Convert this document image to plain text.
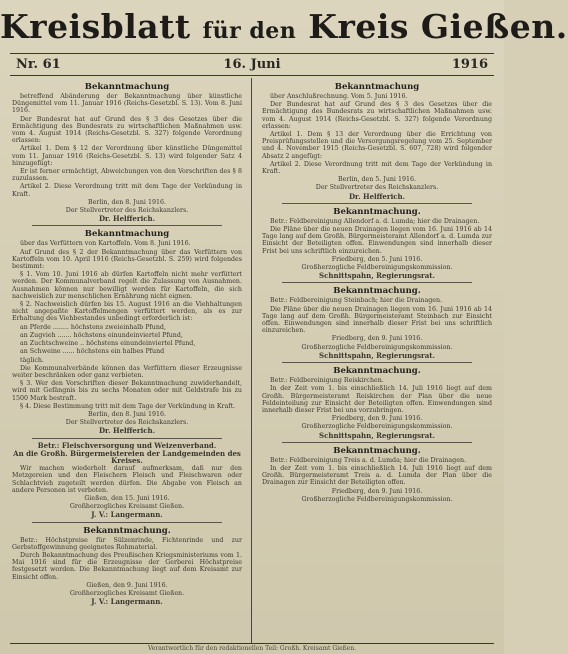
Kreisblatt für den Kreis Gießen.
16. Juni
Nr. 61	1916
Bekanntmachung
betreffend Abänderung der Bekanntmachung über künstliche Düngemittel vom 11. Januar 1916 (Reichs-Gesetzbl. S. 13). Vom 8. Juni 1916.
Der Bundesrat hat auf Grund des § 3 des Gesetzes über die Ermächtigung des Bundesrats zu wirtschaftlichen Maßnahmen usw. vom 4. August 1914 (Reichs-Gesetzbl. S. 327) folgende Verordnung erlassen:
Artikel 1. Dem § 12 der Verordnung über künstliche Düngemittel vom 11. Januar 1916 (Reichs-Gesetzbl. S. 13) wird folgender Satz 4 hinzugefügt:
Er ist ferner ermächtigt, Abweichungen von den Vorschriften des § 8 zuzulassen.
Artikel 2. Diese Verordnung tritt mit dem Tage der Verkündung in Kraft.
Berlin, den 8. Juni 1916.
Der Stellvertreter des Reichskanzlers.
Dr. Helfferich.
Bekanntmachung
über das Verfüttern von Kartoffeln. Vom 8. Juni 1916.
Auf Grund des § 2 der Bekanntmachung über das Verfüttern von Kartoffeln vom 10. April 1916 (Reichs-Gesetzbl. S. 259) wird folgendes bestimmt:
§ 1. Vom 10. Juni 1916 ab dürfen Kartoffeln nicht mehr verfüttert werden. Der Kommunalverband regelt die Zulassung von Ausnahmen. Ausnahmen können nur bewilligt werden für Kartoffeln, die sich nachweislich zur menschlichen Ernährung nicht eignen.
§ 2. Nachweislich dürfen bis 15. August 1916 an die Viehhaltungen nicht angepaßte Kartoffelmengen verfüttert werden, als es zur Erhaltung des Viehbestandes unbedingt erforderlich ist:
an Pferde ........ höchstens zweieinhalb Pfund,
an Zugvieh ....... höchstens einundeinviertel Pfund,
an Zuchtschweine .. höchstens einundeinviertel Pfund,
an Schweine ...... höchstens ein halbes Pfund
täglich.
Die Kommunalverbände können das Verfüttern dieser Erzeugnisse weiter beschränken oder ganz verbieten.
§ 3. Wer den Vorschriften dieser Bekanntmachung zuwiderhandelt, wird mit Gefängnis bis zu sechs Monaten oder mit Geldstrafe bis zu 1500 Mark bestraft.
§ 4. Diese Bestimmung tritt mit dem Tage der Verkündung in Kraft.
Berlin, den 8. Juni 1916.
Der Stellvertreter des Reichskanzlers.
Dr. Helfferich.
Betr.: Fleischversorgung und Weizenverband.
An die Großh. Bürgermeistereien der Landgemeinden des Kreises.
Wir machen wiederholt darauf aufmerksam, daß nur den Metzgereien und den Fleischern Fleisch und Fleischwaren oder Schlachtvieh zugeteilt werden dürfen. Die Abgabe von Fleisch an andere Personen ist verboten.
Gießen, den 15. Juni 1916.
Großherzogliches Kreisamt Gießen.
J. V.: Langermann.
Bekanntmachung.
Betr.: Höchstpreise für Sülzenrinde, Fichtenrinde und zur Gerbstoffgewinnung geeignetes Rohmaterial.
Durch Bekanntmachung des Preußischen Kriegsministeriums vom 1. Mai 1916 sind für die Erzeugnisse der Gerberei Höchstpreise festgesetzt worden. Die Bekanntmachung liegt auf dem Kreisamt zur Einsicht offen.
Gießen, den 9. Juni 1916.
Großherzogliches Kreisamt Gießen.
J. V.: Langermann.
Bekanntmachung
über Anschlußrechnung. Vom 5. Juni 1916.
Der Bundesrat hat auf Grund des § 3 des Gesetzes über die Ermächtigung des Bundesrats zu wirtschaftlichen Maßnahmen usw. vom 4. August 1914 (Reichs-Gesetzbl. S. 327) folgende Verordnung erlassen:
Artikel 1. Dem § 13 der Verordnung über die Errichtung von Preisprüfungsstellen und die Versorgungsregelung vom 25. September und 4. November 1915 (Reichs-Gesetzbl. S. 607, 728) wird folgender Absatz 2 angefügt:
Artikel 2. Diese Verordnung tritt mit dem Tage der Verkündung in Kraft.
Berlin, den 5. Juni 1916.
Der Stellvertreter des Reichskanzlers.
Dr. Helfferich.
Bekanntmachung.
Betr.: Feldbereinigung Allendorf a. d. Lumda; hier die Drainagen.
Die Pläne über die neuen Drainagen liegen vom 16. Juni 1916 ab 14 Tage lang auf dem Großh. Bürgermeisteramt Allendorf a. d. Lumda zur Einsicht der Beteiligten offen. Einwendungen sind innerhalb dieser Frist bei uns schriftlich einzureichen.
Friedberg, den 5. Juni 1916.
Großherzogliche Feldbereinigungskommission.
Schnittspahn, Regierungsrat.
Bekanntmachung.
Betr.: Feldbereinigung Steinbach; hier die Drainagen.
Die Pläne über die neuen Drainagen liegen vom 16. Juni 1916 ab 14 Tage lang auf dem Großh. Bürgermeisteramt Steinbach zur Einsicht offen. Einwendungen sind innerhalb dieser Frist bei uns schriftlich einzureichen.
Friedberg, den 9. Juni 1916.
Großherzogliche Feldbereinigungskommission.
Schnittspahn, Regierungsrat.
Bekanntmachung.
Betr.: Feldbereinigung Reiskirchen.
In der Zeit vom 1. bis einschließlich 14. Juli 1916 liegt auf dem Großh. Bürgermeisteramt Reiskirchen der Plan über die neue Feldeinteilung zur Einsicht der Beteiligten offen. Einwendungen sind innerhalb dieser Frist bei uns vorzubringen.
Friedberg, den 9. Juni 1916.
Großherzogliche Feldbereinigungskommission.
Schnittspahn, Regierungsrat.
Bekanntmachung.
Betr.: Feldbereinigung Treis a. d. Lumda; hier die Drainagen.
In der Zeit vom 1. bis einschließlich 14. Juli 1916 liegt auf dem Großh. Bürgermeisteramt Treis a. d. Lumda der Plan über die Drainagen zur Einsicht der Beteiligten offen.
Friedberg, den 9. Juni 1916.
Großherzogliche Feldbereinigungskommission.
Verantwortlich für den redaktionellen Teil: Großh. Kreisamt Gießen.
